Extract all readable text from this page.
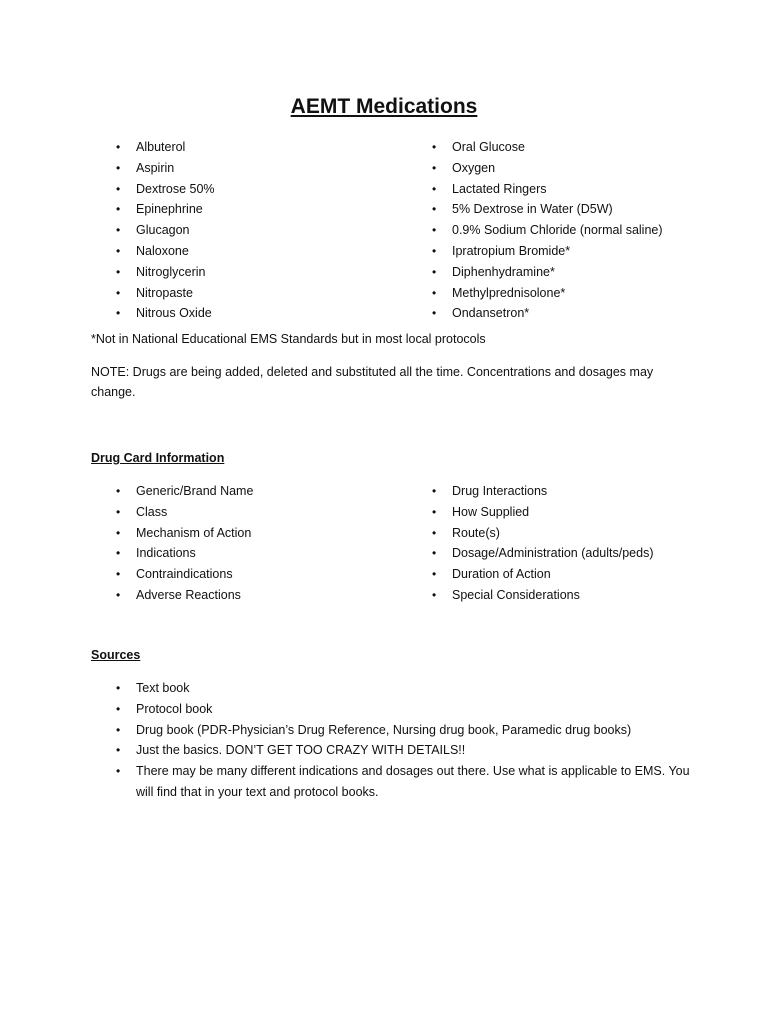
AEMT Medications
• Albuterol
• Aspirin
• Dextrose 50%
• Epinephrine
• Glucagon
• Naloxone
• Nitroglycerin
• Nitropaste
• Nitrous Oxide
• Oral Glucose
• Oxygen
• Lactated Ringers
• 5% Dextrose in Water (D5W)
• 0.9% Sodium Chloride (normal saline)
• Ipratropium Bromide*
• Diphenhydramine*
• Methylprednisolone*
• Ondansetron*
*Not in National Educational EMS Standards but in most local protocols
NOTE: Drugs are being added, deleted and substituted all the time. Concentrations and dosages may change.
Drug Card Information
• Generic/Brand Name
• Class
• Mechanism of Action
• Indications
• Contraindications
• Adverse Reactions
• Drug Interactions
• How Supplied
• Route(s)
• Dosage/Administration (adults/peds)
• Duration of Action
• Special Considerations
Sources
• Text book
• Protocol book
• Drug book (PDR-Physician’s Drug Reference, Nursing drug book, Paramedic drug books)
• Just the basics. DON’T GET TOO CRAZY WITH DETAILS!!
• There may be many different indications and dosages out there. Use what is applicable to EMS. You will find that in your text and protocol books.
